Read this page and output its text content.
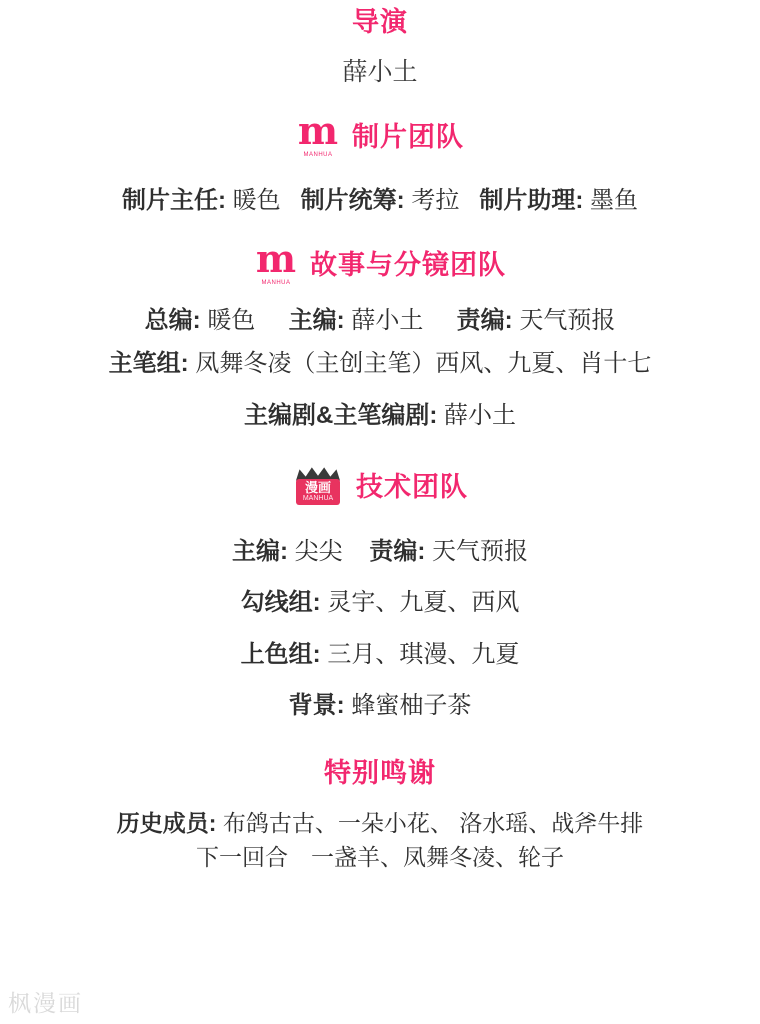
导演
薛小土
m
MANHUA
制片团队
制片主任: 暖色 制片统筹: 考拉 制片助理: 墨鱼
m
MANHUA
故事与分镜团队
总编: 暖色 主编: 薛小土 责编: 天气预报
主笔组: 凤舞冬凌（主创主笔）西风、九夏、肖十七
主编剧&主笔编剧: 薛小土
漫画
MANHUA 技术团队
主编: 尖尖 责编: 天气预报
勾线组: 灵宇、九夏、西风
上色组: 三月、琪漫、九夏
背景: 蜂蜜柚子茶
特别鸣谢
历史成员: 布鸽古古、一朵小花、 洛水瑶、战斧牛排
下一回合　一盏羊、凤舞冬凌、轮子
枫漫画
